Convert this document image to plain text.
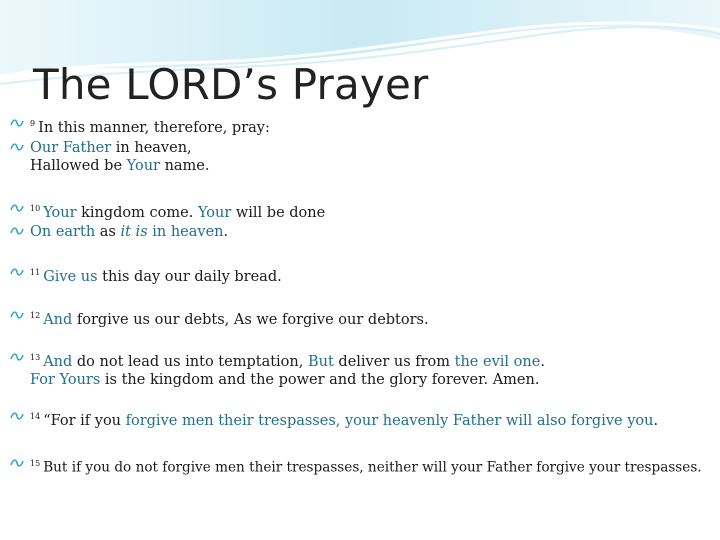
The LORD’s Prayer
$^9$ In this manner, therefore, pray:
Our Father in heaven,
Hallowed be Your name.
$^{10}$ Your kingdom come. Your will be done
On earth as it is in heaven.
$^{11}$ Give us this day our daily bread.
$^{12}$ And forgive us our debts, As we forgive our debtors.
$^{13}$ And do not lead us into temptation, But deliver us from the evil one.
For Yours is the kingdom and the power and the glory forever. Amen.
$^{14}$ “For if you forgive men their trespasses, your heavenly Father will also forgive you.
$^{15}$ But if you do not forgive men their trespasses, neither will your Father forgive your trespasses.
